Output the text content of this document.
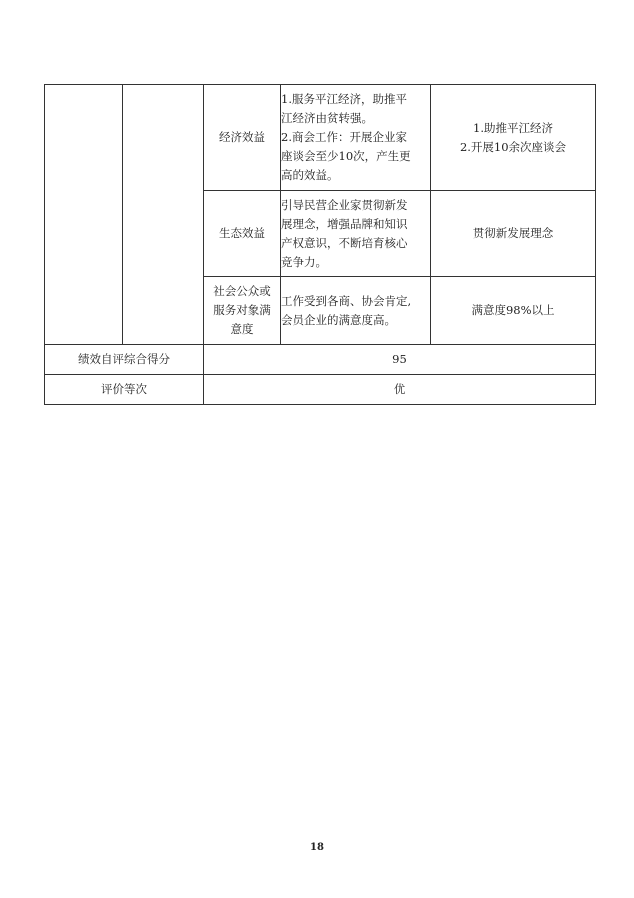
		经济效益	1.服务平江经济，助推平
江经济由贫转强。
2.商会工作：开展企业家
座谈会至少10次，产生更
高的效益。	1.助推平江经济
2.开展10余次座谈会

		生态效益	引导民营企业家贯彻新发
展理念，增强品牌和知识
产权意识，不断培育核心
竞争力。	贯彻新发展理念

		社会公众或
服务对象满
意度	工作受到各商、协会肯定,
会员企业的满意度高。	满意度98%以上
绩效自评综合得分		95		
评价等次		优		
18
